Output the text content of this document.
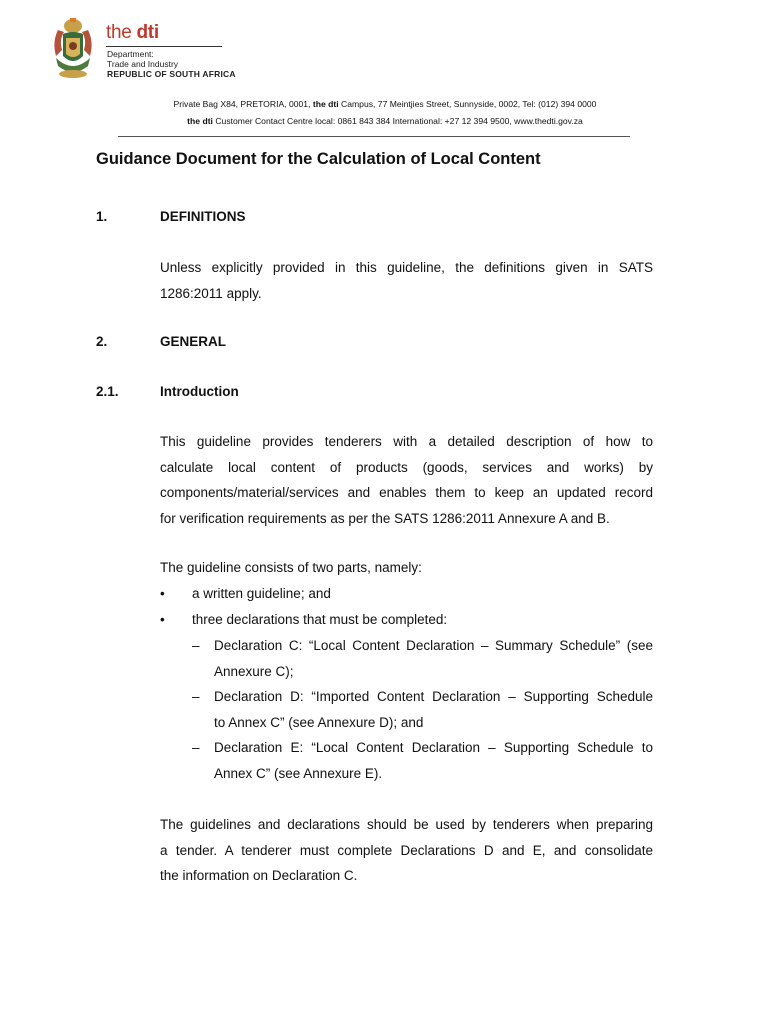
the dti
Department:
Trade and Industry
REPUBLIC OF SOUTH AFRICA
Private Bag X84, PRETORIA, 0001, the dti Campus, 77 Meintjies Street, Sunnyside, 0002, Tel: (012) 394 0000
the dti Customer Contact Centre local: 0861 843 384 International: +27 12 394 9500, www.thedti.gov.za
Guidance Document for the Calculation of Local Content
1.	DEFINITIONS
Unless explicitly provided in this guideline, the definitions given in SATS
1286:2011 apply.
2.	GENERAL
2.1.	Introduction
This guideline provides tenderers with a detailed description of how to
calculate local content of products (goods, services and works) by
components/material/services and enables them to keep an updated record
for verification requirements as per the SATS 1286:2011 Annexure A and B.
The guideline consists of two parts, namely:
• a written guideline; and
• three declarations that must be completed:
– Declaration C: “Local Content Declaration – Summary Schedule” (see
Annexure C);
– Declaration D: “Imported Content Declaration – Supporting Schedule
to Annex C” (see Annexure D); and
– Declaration E: “Local Content Declaration – Supporting Schedule to
Annex C” (see Annexure E).
The guidelines and declarations should be used by tenderers when preparing
a tender. A tenderer must complete Declarations D and E, and consolidate
the information on Declaration C.
